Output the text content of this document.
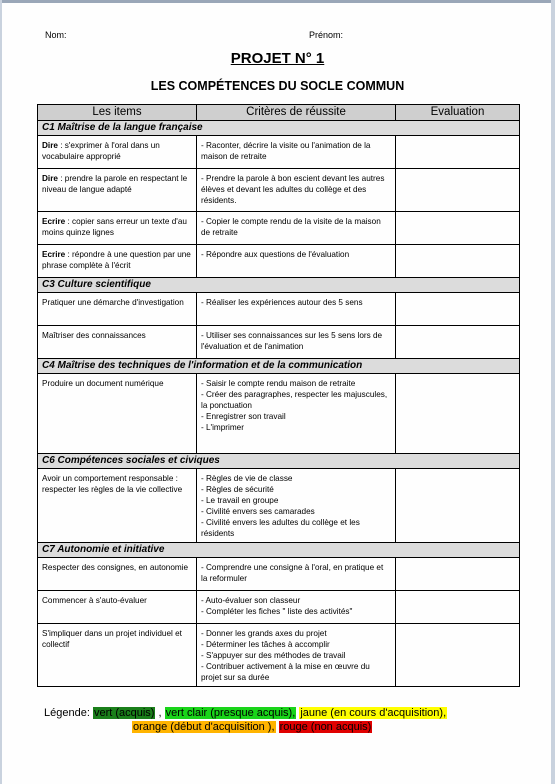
Nom:	Prénom:
PROJET N° 1
LES COMPÉTENCES DU SOCLE COMMUN
Les items	Critères de réussite	Evaluation
C1 Maîtrise de la langue française		
Dire : s'exprimer à l'oral dans un vocabulaire approprié	- Raconter, décrire la visite ou l'animation de la maison de retraite	

Dire : prendre la parole en respectant le niveau de langue adapté	- Prendre la parole à bon escient devant les autres élèves et devant les adultes du collège et des résidents.	

Ecrire : copier sans erreur un texte d'au moins quinze lignes	- Copier le compte rendu de la visite de la maison de retraite	

Ecrire : répondre à une question par une phrase complète à l'écrit	- Répondre aux questions de l'évaluation	

C3 Culture scientifique		
Pratiquer une démarche d'investigation	- Réaliser les expériences autour des 5 sens	

Maîtriser des connaissances	- Utiliser ses connaissances sur les 5 sens lors de l'évaluation et de l'animation	

C4 Maîtrise des techniques de l'information et de la communication		
Produire un document numérique	- Saisir le compte rendu maison de retraite
- Créer des paragraphes, respecter les majuscules, la ponctuation
- Enregistrer son travail
- L'imprimer	

C6 Compétences sociales et civiques		
Avoir un comportement responsable : respecter les règles de la vie collective	- Règles de vie de classe
- Règles de sécurité
- Le travail en groupe
- Civilité envers ses camarades
- Civilité envers les adultes du collège et les résidents	

C7 Autonomie et initiative		
Respecter des consignes, en autonomie	- Comprendre une consigne à l'oral, en pratique et la reformuler	

Commencer à s'auto-évaluer	- Auto-évaluer son classeur
- Compléter les fiches " liste des activités"	

S'impliquer dans un projet individuel et collectif	- Donner les grands axes du projet
- Déterminer les tâches à accomplir
- S'appuyer sur des méthodes de travail
- Contribuer activement à la mise en œuvre du projet sur sa durée	

Légende: vert (acquis) , vert clair (presque acquis), jaune (en cours d'acquisition),
orange (début d'acquisition ), rouge (non acquis)
